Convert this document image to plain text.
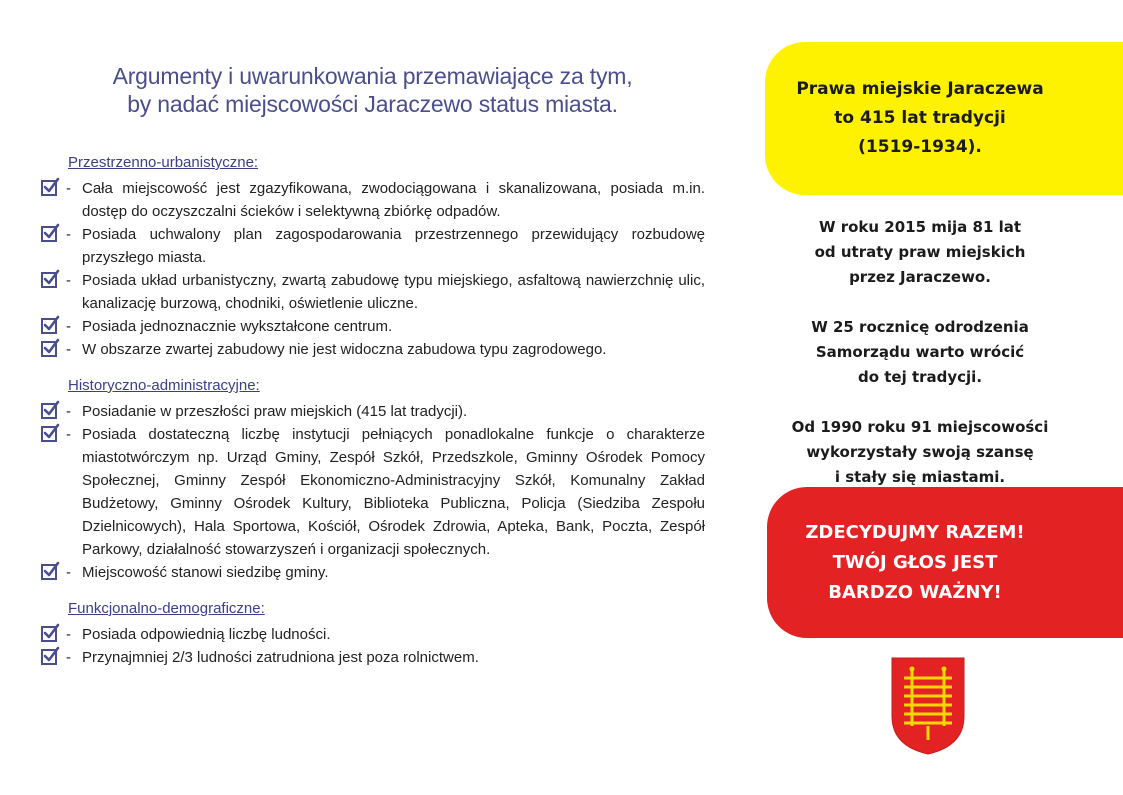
Argumenty i uwarunkowania przemawiające za tym,
by nadać miejscowości Jaraczewo status miasta.
Przestrzenno-urbanistyczne:
- Cała miejscowość jest zgazyfikowana, zwodociągowana i skanalizowana, posiada m.in. dostęp do oczyszczalni ścieków i selektywną zbiórkę odpadów.
- Posiada uchwalony plan zagospodarowania przestrzennego przewidujący rozbudowę przyszłego miasta.
- Posiada układ urbanistyczny, zwartą zabudowę typu miejskiego, asfaltową nawierzchnię ulic, kanalizację burzową, chodniki, oświetlenie uliczne.
- Posiada jednoznacznie wykształcone centrum.
- W obszarze zwartej zabudowy nie jest widoczna zabudowa typu zagrodowego.
Historyczno-administracyjne:
- Posiadanie w przeszłości praw miejskich (415 lat tradycji).
- Posiada dostateczną liczbę instytucji pełniących ponadlokalne funkcje o charakterze miastotwórczym np. Urząd Gminy, Zespół Szkół, Przedszkole, Gminny Ośrodek Pomocy Społecznej, Gminny Zespół Ekonomiczno-Administracyjny Szkół, Komunalny Zakład Budżetowy, Gminny Ośrodek Kultury, Biblioteka Publiczna, Policja (Siedziba Zespołu Dzielnicowych), Hala Sportowa, Kościół, Ośrodek Zdrowia, Apteka, Bank, Poczta, Zespół Parkowy, działalność stowarzyszeń i organizacji społecznych.
- Miejscowość stanowi siedzibę gminy.
Funkcjonalno-demograficzne:
- Posiada odpowiednią liczbę ludności.
- Przynajmniej 2/3 ludności zatrudniona jest poza rolnictwem.
Prawa miejskie Jaraczewa
to 415 lat tradycji
(1519-1934).

W roku 2015 mija 81 lat

od utraty praw miejskich

przez Jaraczewo.

W 25 rocznicę odrodzenia

Samorządu warto wrócić

do tej tradycji.

Od 1990 roku 91 miejscowości

wykorzystały swoją szansę

i stały się miastami.

ZDECYDUJMY RAZEM!
TWÓJ GŁOS JEST
BARDZO WAŻNY!
